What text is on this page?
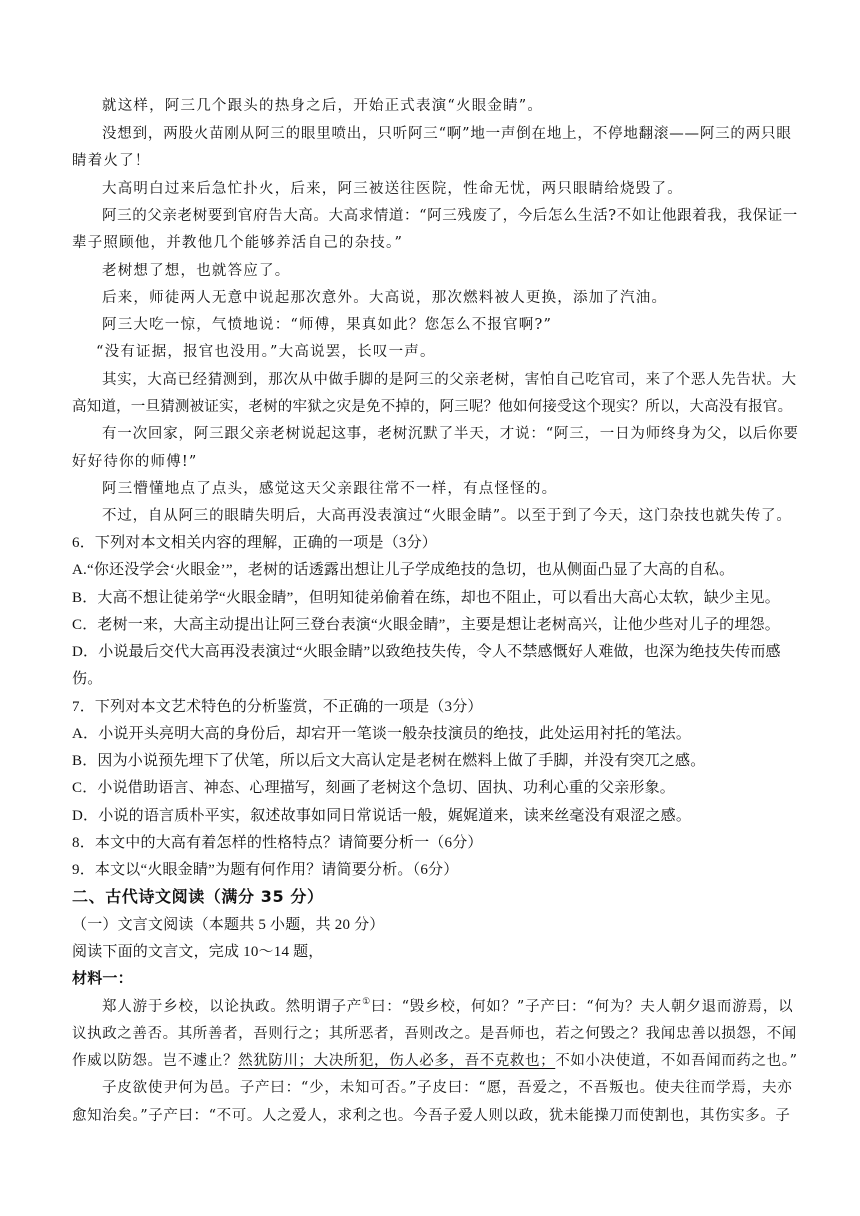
就这样，阿三几个跟头的热身之后，开始正式表演“火眼金睛”。
没想到，两股火苗刚从阿三的眼里喷出，只听阿三“啊”地一声倒在地上，不停地翻滚——阿三的两只眼
睛着火了！
大高明白过来后急忙扑火，后来，阿三被送往医院，性命无忧，两只眼睛给烧毁了。
阿三的父亲老树要到官府告大高。大高求情道：“阿三残废了，今后怎么生活?不如让他跟着我，我保证一
辈子照顾他，并教他几个能够养活自己的杂技。”
老树想了想，也就答应了。
后来，师徒两人无意中说起那次意外。大高说，那次燃料被人更换，添加了汽油。
阿三大吃一惊，气愤地说：“师傅，果真如此？您怎么不报官啊?”
“没有证据，报官也没用。”大高说罢，长叹一声。
其实，大高已经猜测到，那次从中做手脚的是阿三的父亲老树，害怕自己吃官司，来了个恶人先告状。大
高知道，一旦猜测被证实，老树的牢狱之灾是免不掉的，阿三呢？他如何接受这个现实？所以，大高没有报官。
有一次回家，阿三跟父亲老树说起这事，老树沉默了半天，才说：“阿三，一日为师终身为父，以后你要
好好待你的师傅!”
阿三懵懂地点了点头，感觉这天父亲跟往常不一样，有点怪怪的。
不过，自从阿三的眼睛失明后，大高再没表演过“火眼金睛”。以至于到了今天，这门杂技也就失传了。
6．下列对本文相关内容的理解，正确的一项是（3分）
A.“你还没学会‘火眼金’”，老树的话透露出想让儿子学成绝技的急切，也从侧面凸显了大高的自私。
B．大高不想让徒弟学“火眼金睛”，但明知徒弟偷着在练，却也不阻止，可以看出大高心太软，缺少主见。
C．老树一来，大高主动提出让阿三登台表演“火眼金睛”，主要是想让老树高兴，让他少些对儿子的埋怨。
D．小说最后交代大高再没表演过“火眼金睛”以致绝技失传，令人不禁感慨好人难做，也深为绝技失传而感
伤。
7．下列对本文艺术特色的分析鉴赏，不正确的一项是（3分）
A．小说开头亮明大高的身份后，却宕开一笔谈一般杂技演员的绝技，此处运用衬托的笔法。
B．因为小说预先埋下了伏笔，所以后文大高认定是老树在燃料上做了手脚，并没有突兀之感。
C．小说借助语言、神态、心理描写，刻画了老树这个急切、固执、功利心重的父亲形象。
D．小说的语言质朴平实，叙述故事如同日常说话一般，娓娓道来，读来丝毫没有艰涩之感。
8．本文中的大高有着怎样的性格特点？请简要分析一（6分）
9．本文以“火眼金睛”为题有何作用？请简要分析。（6分）
二、古代诗文阅读（满分 35 分）
（一）文言文阅读（本题共 5 小题，共 20 分）
阅读下面的文言文，完成 10～14 题，
材料一：
郑人游于乡校，以论执政。然明谓子产①曰：“毁乡校，何如？”子产曰：“何为？夫人朝夕退而游焉，以
议执政之善否。其所善者，吾则行之；其所恶者，吾则改之。是吾师也，若之何毁之？我闻忠善以损怨，不闻
作威以防怨。岂不遽止？然犹防川；大决所犯，伤人必多，吾不克救也；不如小决使道，不如吾闻而药之也。”
子皮欲使尹何为邑。子产曰：“少，未知可否。”子皮曰：“愿，吾爱之，不吾叛也。使夫往而学焉，夫亦
愈知治矣。”子产曰：“不可。人之爱人，求利之也。今吾子爱人则以政，犹未能操刀而使割也，其伤实多。子
